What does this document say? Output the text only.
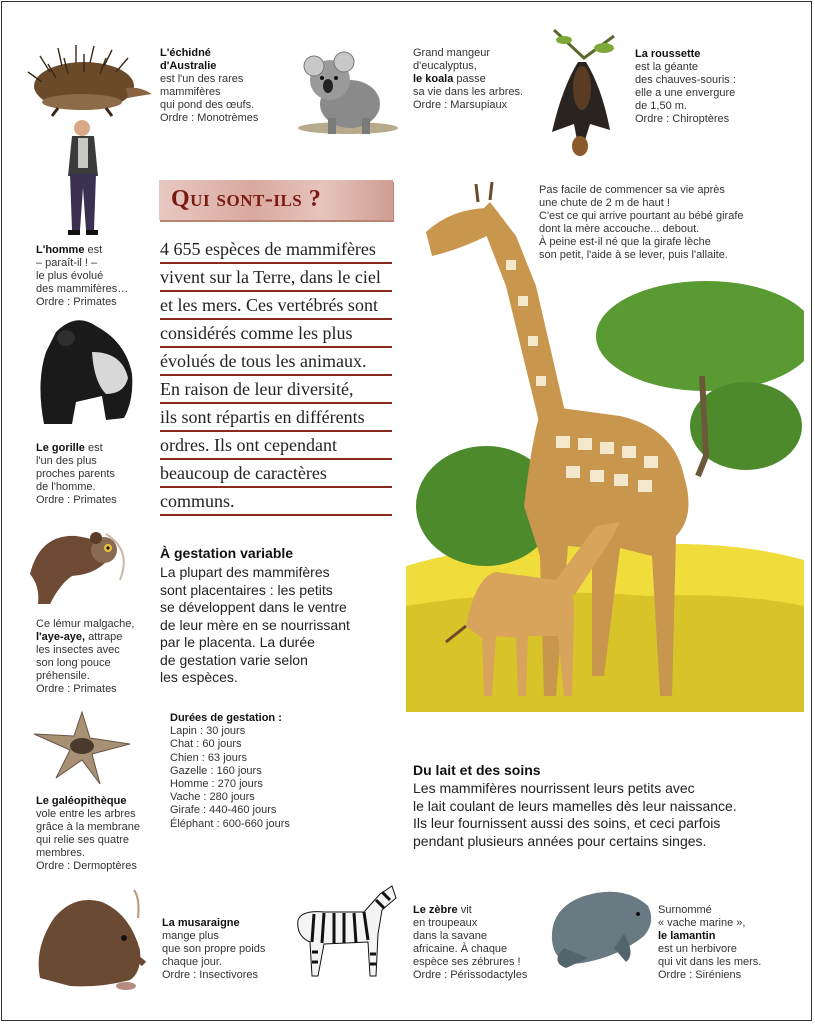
L'échidné
d'Australie
est l'un des rares
mammifères
qui pond des œufs.
Ordre : Monotrèmes
Grand mangeur
d'eucalyptus,
le koala passe
sa vie dans les arbres.
Ordre : Marsupiaux
La roussette
est la géante
des chauves-souris :
elle a une envergure
de 1,50 m.
Ordre : Chiroptères
L'homme est
– paraît-il ! –
le plus évolué
des mammifères…
Ordre : Primates
Le gorille est
l'un des plus
proches parents
de l'homme.
Ordre : Primates
Ce lémur malgache,
l'aye-aye, attrape
les insectes avec
son long pouce
préhensile.
Ordre : Primates
Le galéopithèque
vole entre les arbres
grâce à la membrane
qui relie ses quatre
membres.
Ordre : Dermoptères
La musaraigne
mange plus
que son propre poids
chaque jour.
Ordre : Insectivores
Le zèbre vit
en troupeaux
dans la savane
africaine. À chaque
espèce ses zébrures !
Ordre : Périssodactyles
Surnommé
« vache marine »,
le lamantin
est un herbivore
qui vit dans les mers.
Ordre : Siréniens
Pas facile de commencer sa vie après
une chute de 2 m de haut !
C'est ce qui arrive pourtant au bébé girafe
dont la mère accouche... debout.
À peine est-il né que la girafe lèche
son petit, l'aide à se lever, puis l'allaite.
Qui sont-ils ?
4 655 espèces de mammifères
vivent sur la Terre, dans le ciel
et les mers. Ces vertébrés sont
considérés comme les plus
évolués de tous les animaux.
En raison de leur diversité,
ils sont répartis en différents
ordres. Ils ont cependant
beaucoup de caractères
communs.
À gestation variable
La plupart des mammifères
sont placentaires : les petits
se développent dans le ventre
de leur mère en se nourrissant
par le placenta. La durée
de gestation varie selon
les espèces.
Durées de gestation :
Lapin : 30 jours
Chat : 60 jours
Chien : 63 jours
Gazelle : 160 jours
Homme : 270 jours
Vache : 280 jours
Girafe : 440-460 jours
Éléphant : 600-660 jours
Du lait et des soins
Les mammifères nourrissent leurs petits avec
le lait coulant de leurs mamelles dès leur naissance.
Ils leur fournissent aussi des soins, et ceci parfois
pendant plusieurs années pour certains singes.
